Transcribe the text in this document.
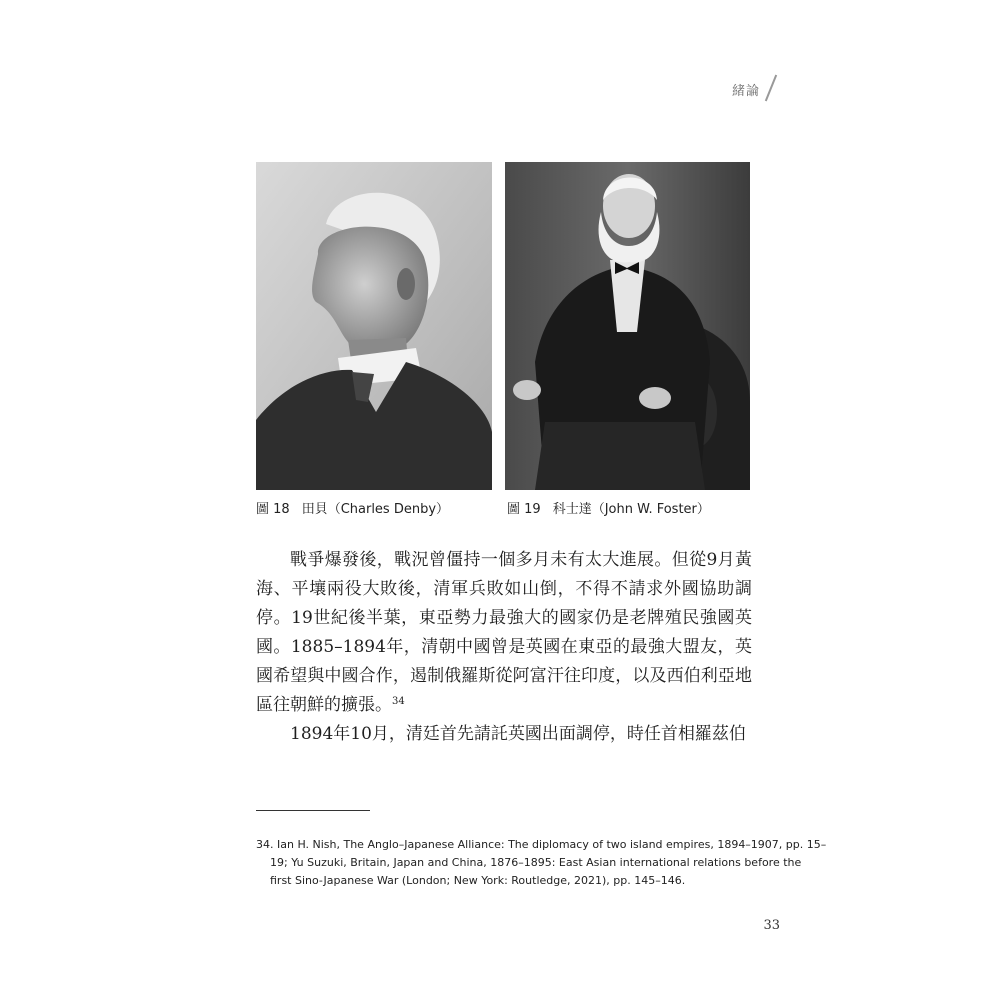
緒論
圖 18 田貝（Charles Denby）	圖 19 科士達（John W. Foster）

戰爭爆發後，戰況曾僵持一個多月未有太大進展。但從9月黃海、平壤兩役大敗後，清軍兵敗如山倒，不得不請求外國協助調停。19世紀後半葉，東亞勢力最強大的國家仍是老牌殖民強國英國。1885–1894年，清朝中國曾是英國在東亞的最強大盟友，英國希望與中國合作，遏制俄羅斯從阿富汗往印度，以及西伯利亞地區往朝鮮的擴張。$^{34}$

1894年10月，清廷首先請託英國出面調停，時任首相羅茲伯

34. Ian H. Nish, The Anglo–Japanese Alliance: The diplomacy of two island empires, 1894–1907, pp. 15–
19; Yu Suzuki, Britain, Japan and China, 1876–1895: East Asian international relations before the
first Sino-Japanese War (London; New York: Routledge, 2021), pp. 145–146.
33
